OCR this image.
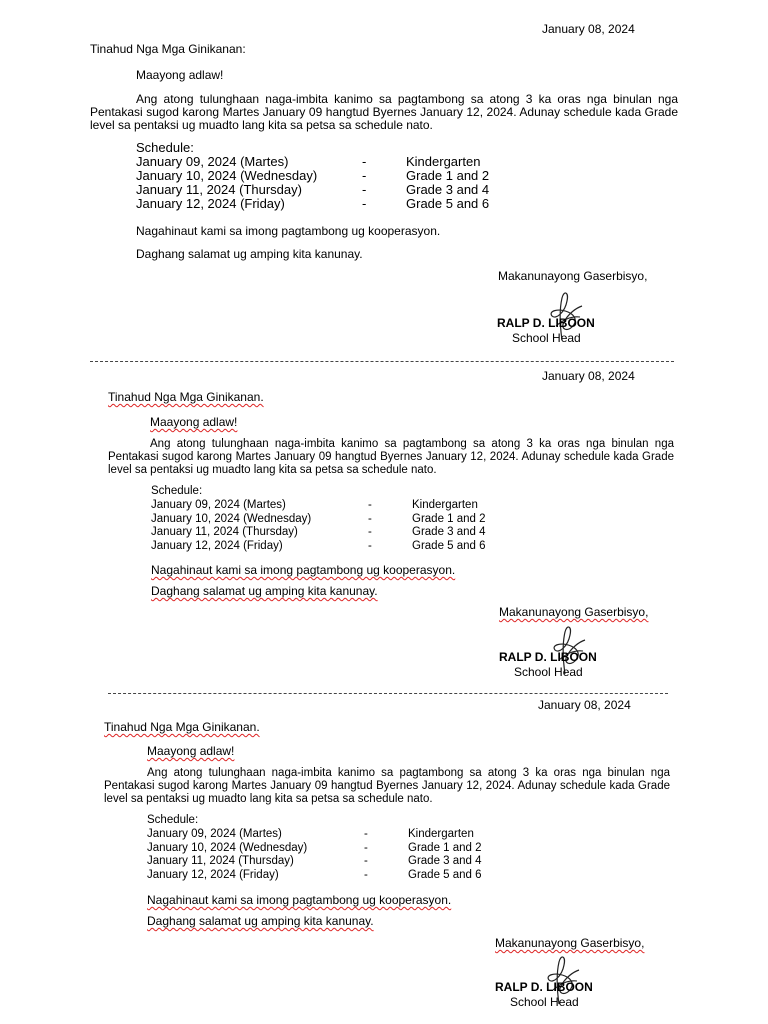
January 08, 2024
Tinahud Nga Mga Ginikanan:
Maayong adlaw!
Ang atong tulunghaan naga-imbita kanimo sa pagtambong sa atong 3 ka oras nga binulan nga Pentakasi sugod karong Martes January 09 hangtud Byernes January 12, 2024. Adunay schedule kada Grade level sa pentaksi ug muadto lang kita sa petsa sa schedule nato.
Schedule:
January 09, 2024 (Martes)	-	Kindergarten
January 10, 2024 (Wednesday)	-	Grade 1 and 2
January 11, 2024 (Thursday)	-	Grade 3 and 4
January 12, 2024 (Friday)	-	Grade 5 and 6
Nagahinaut kami sa imong pagtambong ug kooperasyon.
Daghang salamat ug amping kita kanunay.
Makanunayong Gaserbisyo,
RALP D. LIBOON
School Head
January 08, 2024
Tinahud Nga Mga Ginikanan.
Maayong adlaw!
Ang atong tulunghaan naga-imbita kanimo sa pagtambong sa atong 3 ka oras nga binulan nga Pentakasi sugod karong Martes January 09 hangtud Byernes January 12, 2024. Adunay schedule kada Grade level sa pentaksi ug muadto lang kita sa petsa sa schedule nato.
Schedule:
January 09, 2024 (Martes)	-	Kindergarten
January 10, 2024 (Wednesday)	-	Grade 1 and 2
January 11, 2024 (Thursday)	-	Grade 3 and 4
January 12, 2024 (Friday)	-	Grade 5 and 6
Nagahinaut kami sa imong pagtambong ug kooperasyon.
Daghang salamat ug amping kita kanunay.
Makanunayong Gaserbisyo,
RALP D. LIBOON
School Head
January 08, 2024
Tinahud Nga Mga Ginikanan.
Maayong adlaw!
Ang atong tulunghaan naga-imbita kanimo sa pagtambong sa atong 3 ka oras nga binulan nga Pentakasi sugod karong Martes January 09 hangtud Byernes January 12, 2024. Adunay schedule kada Grade level sa pentaksi ug muadto lang kita sa petsa sa schedule nato.
Schedule:
January 09, 2024 (Martes)	-	Kindergarten
January 10, 2024 (Wednesday)	-	Grade 1 and 2
January 11, 2024 (Thursday)	-	Grade 3 and 4
January 12, 2024 (Friday)	-	Grade 5 and 6
Nagahinaut kami sa imong pagtambong ug kooperasyon.
Daghang salamat ug amping kita kanunay.
Makanunayong Gaserbisyo,
RALP D. LIBOON
School Head
